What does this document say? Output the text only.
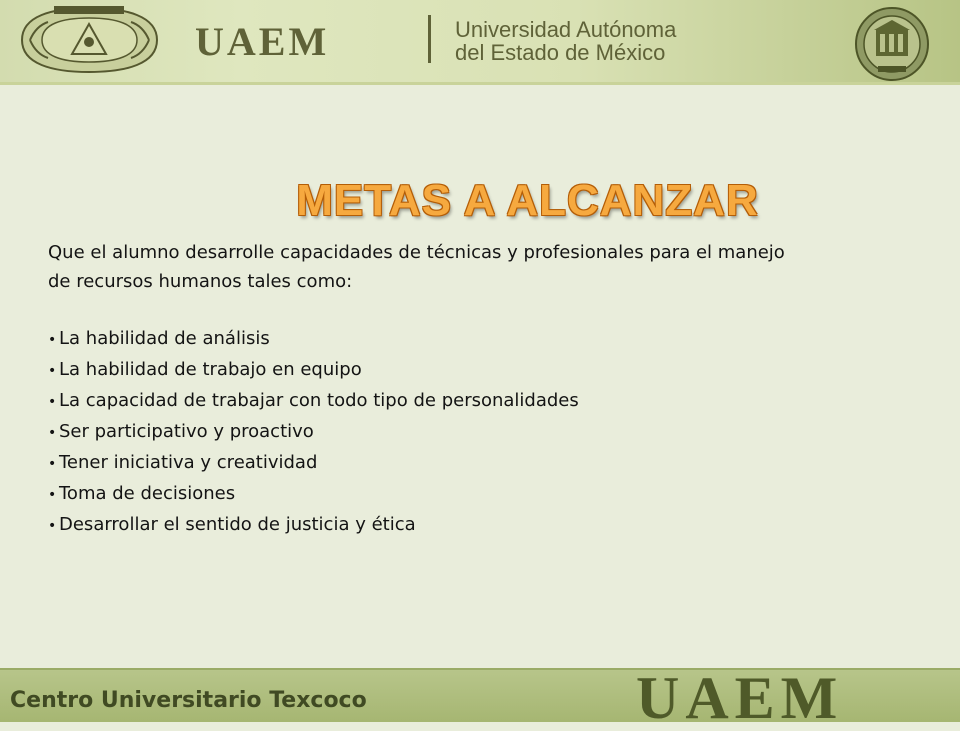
UAEM	Universidad Autónoma
del Estado de México
METAS A ALCANZAR
Que el alumno desarrolle capacidades de técnicas y profesionales para el manejo de recursos humanos tales como:
• La habilidad de análisis
• La habilidad de trabajo en equipo
• La capacidad de trabajar con todo tipo de personalidades
• Ser participativo y proactivo
• Tener iniciativa y creatividad
• Toma de decisiones
• Desarrollar el sentido de justicia y ética
Centro Universitario Texcoco	UAEM
